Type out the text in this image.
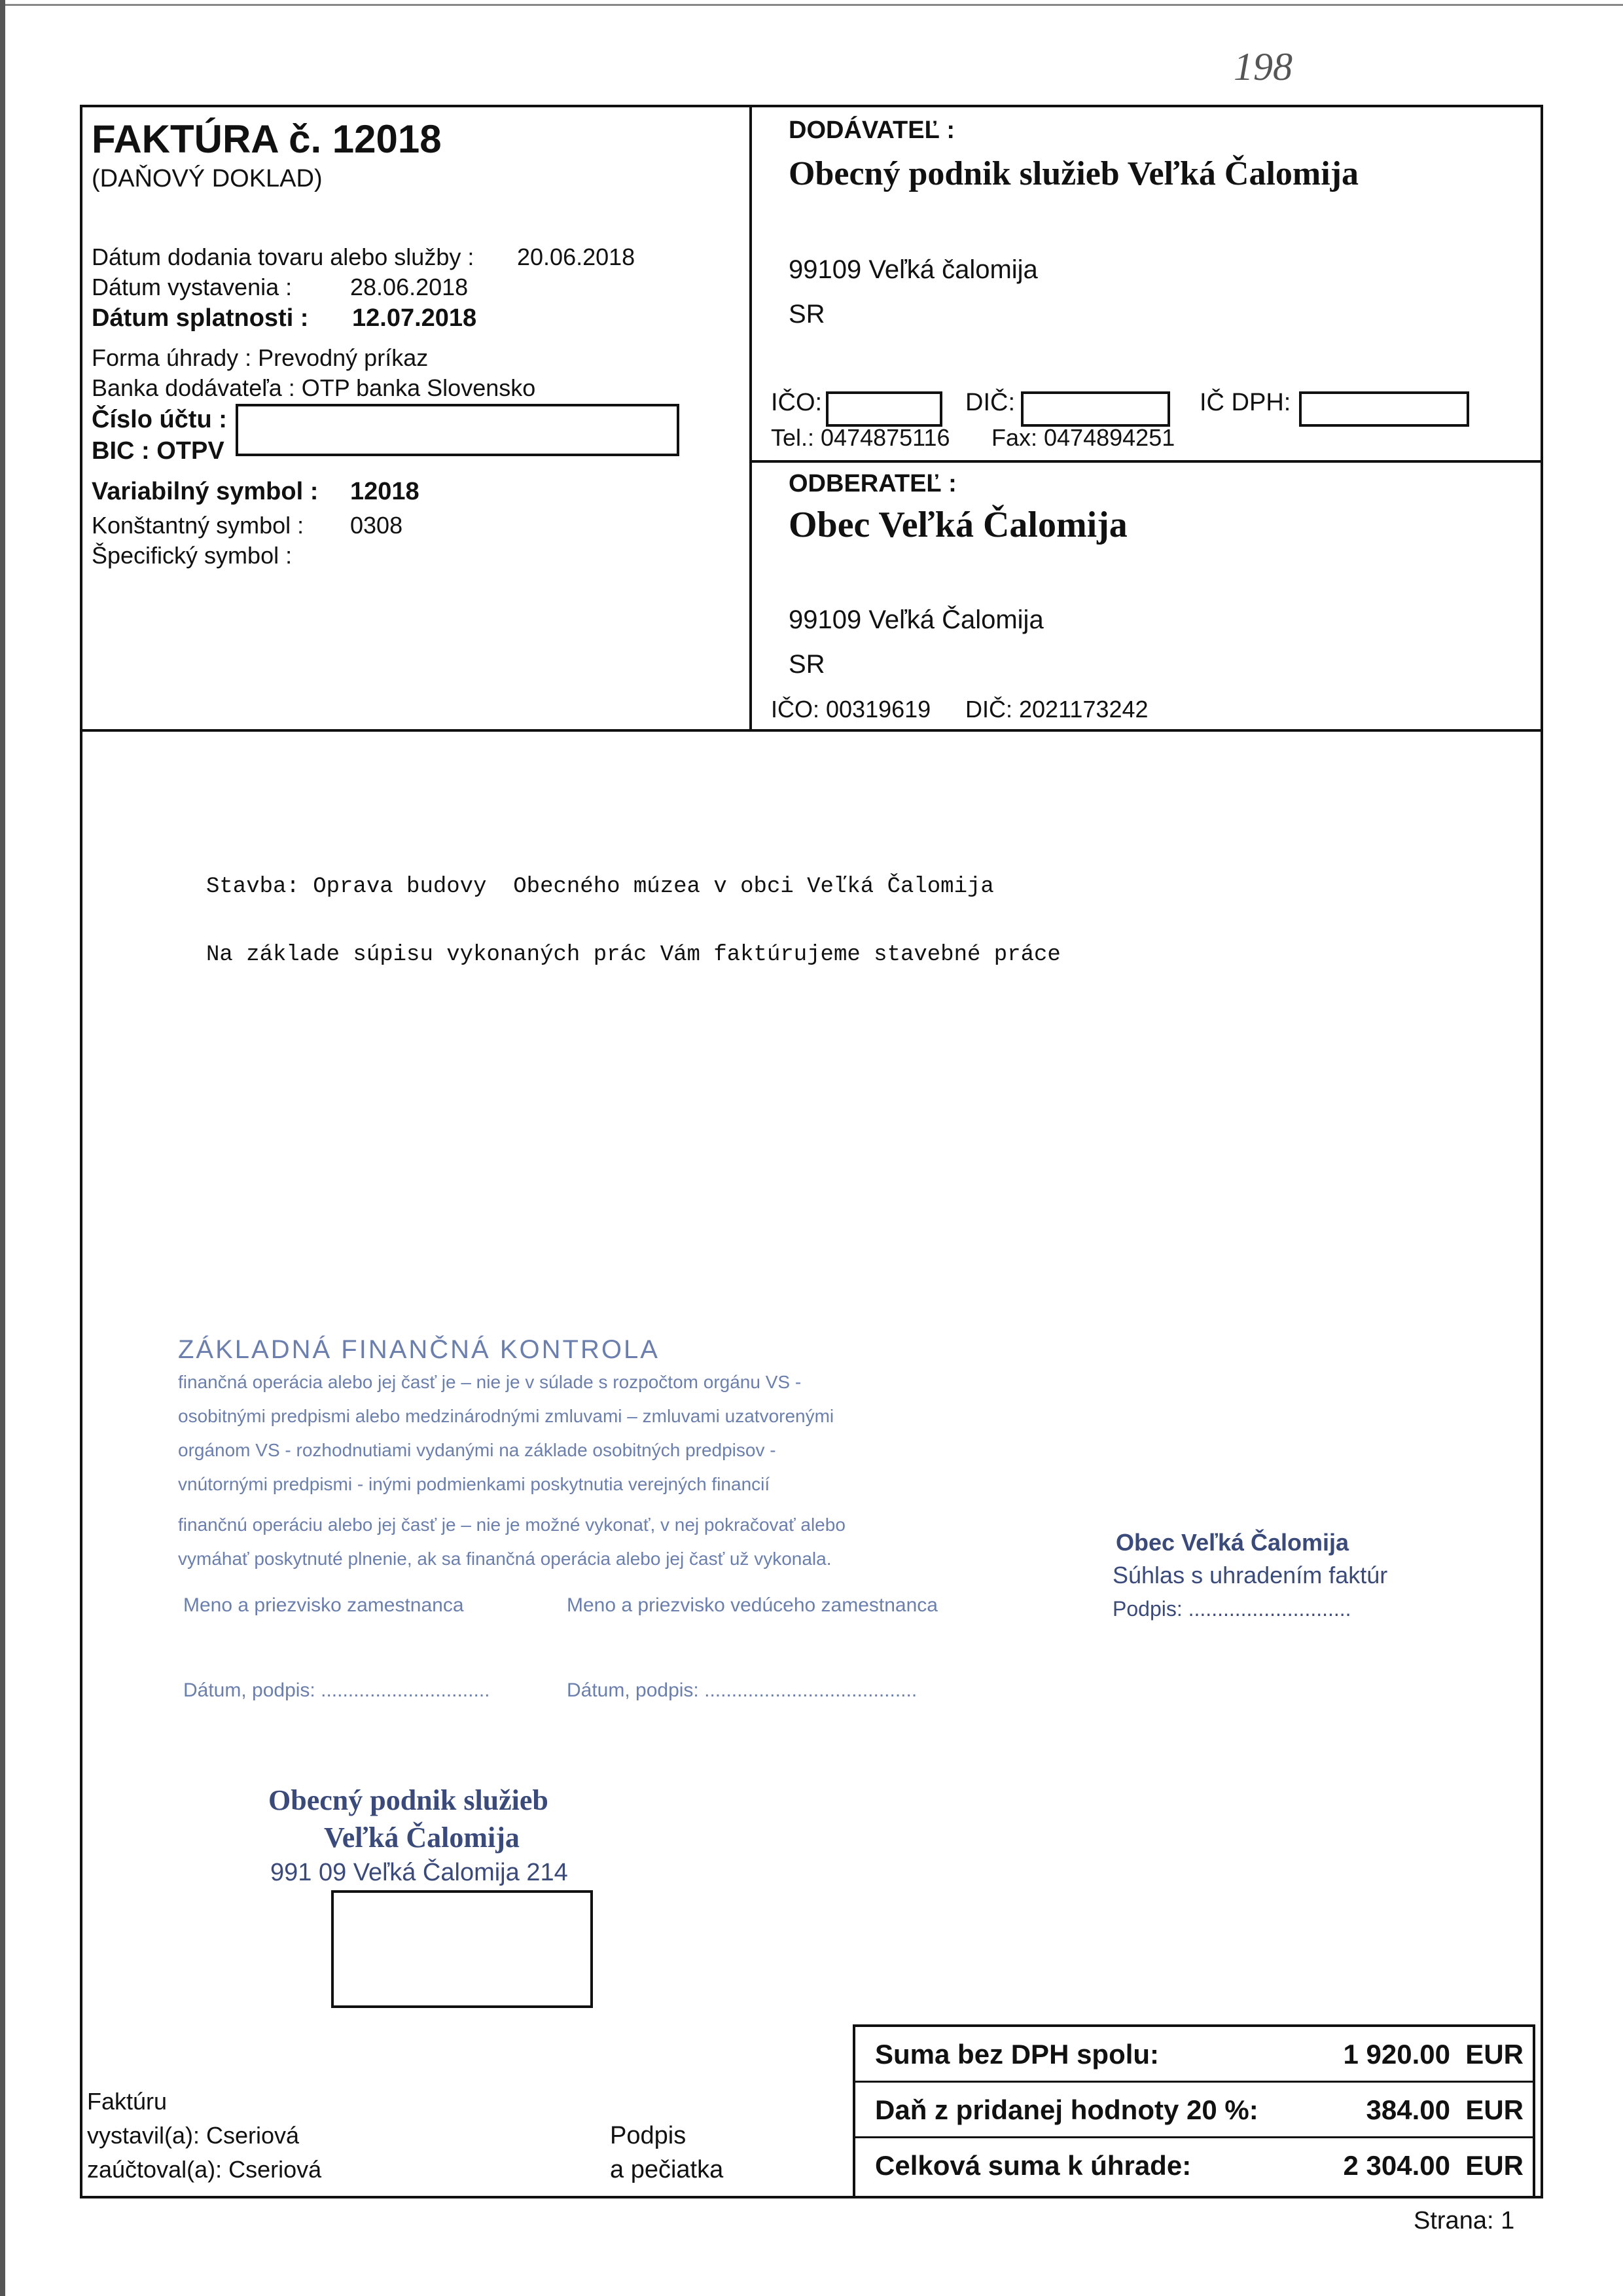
198
FAKTÚRA č. 12018
(DAŇOVÝ DOKLAD)
Dátum dodania tovaru alebo služby : 20.06.2018
Dátum vystavenia : 28.06.2018
Dátum splatnosti : 12.07.2018
Forma úhrady : Prevodný príkaz
Banka dodávateľa : OTP banka Slovensko
Číslo účtu :
BIC : OTPV
Variabilný symbol : 12018
Konštantný symbol : 0308
Špecifický symbol :
DODÁVATEĽ :
Obecný podnik služieb Veľká Čalomija
99109 Veľká čalomija
SR
IČO:	DIČ:	IČ DPH:
Tel.: 0474875116 Fax: 0474894251
ODBERATEĽ :
Obec Veľká Čalomija
99109 Veľká Čalomija
SR
IČO: 00319619 DIČ: 2021173242
Stavba: Oprava budovy  Obecného múzea v obci Veľká Čalomija
Na základe súpisu vykonaných prác Vám faktúrujeme stavebné práce
ZÁKLADNÁ FINANČNÁ KONTROLA
finančná operácia alebo jej časť je – nie je v súlade s rozpočtom orgánu VS -
osobitnými predpismi alebo medzinárodnými zmluvami – zmluvami uzatvorenými
orgánom VS - rozhodnutiami vydanými na základe osobitných predpisov -
vnútornými predpismi - inými podmienkami poskytnutia verejných financií
finančnú operáciu alebo jej časť je – nie je možné vykonať, v nej pokračovať alebo
vymáhať poskytnuté plnenie, ak sa finančná operácia alebo jej časť už vykonala.
Meno a priezvisko zamestnanca	Meno a priezvisko vedúceho zamestnanca
Dátum, podpis: ...............................	Dátum, podpis: .......................................
Obec Veľká Čalomija
Súhlas s uhradením faktúr
Podpis: ............................
Obecný podnik služieb
Veľká Čalomija
991 09 Veľká Čalomija 214
Suma bez DPH spolu:	1 920.00  EUR
Daň z pridanej hodnoty 20 %:	384.00  EUR
Celková suma k úhrade:	2 304.00  EUR
Faktúru
vystavil(a): Cseriová
zaúčtoval(a): Cseriová
Podpis
a pečiatka
Strana: 1
